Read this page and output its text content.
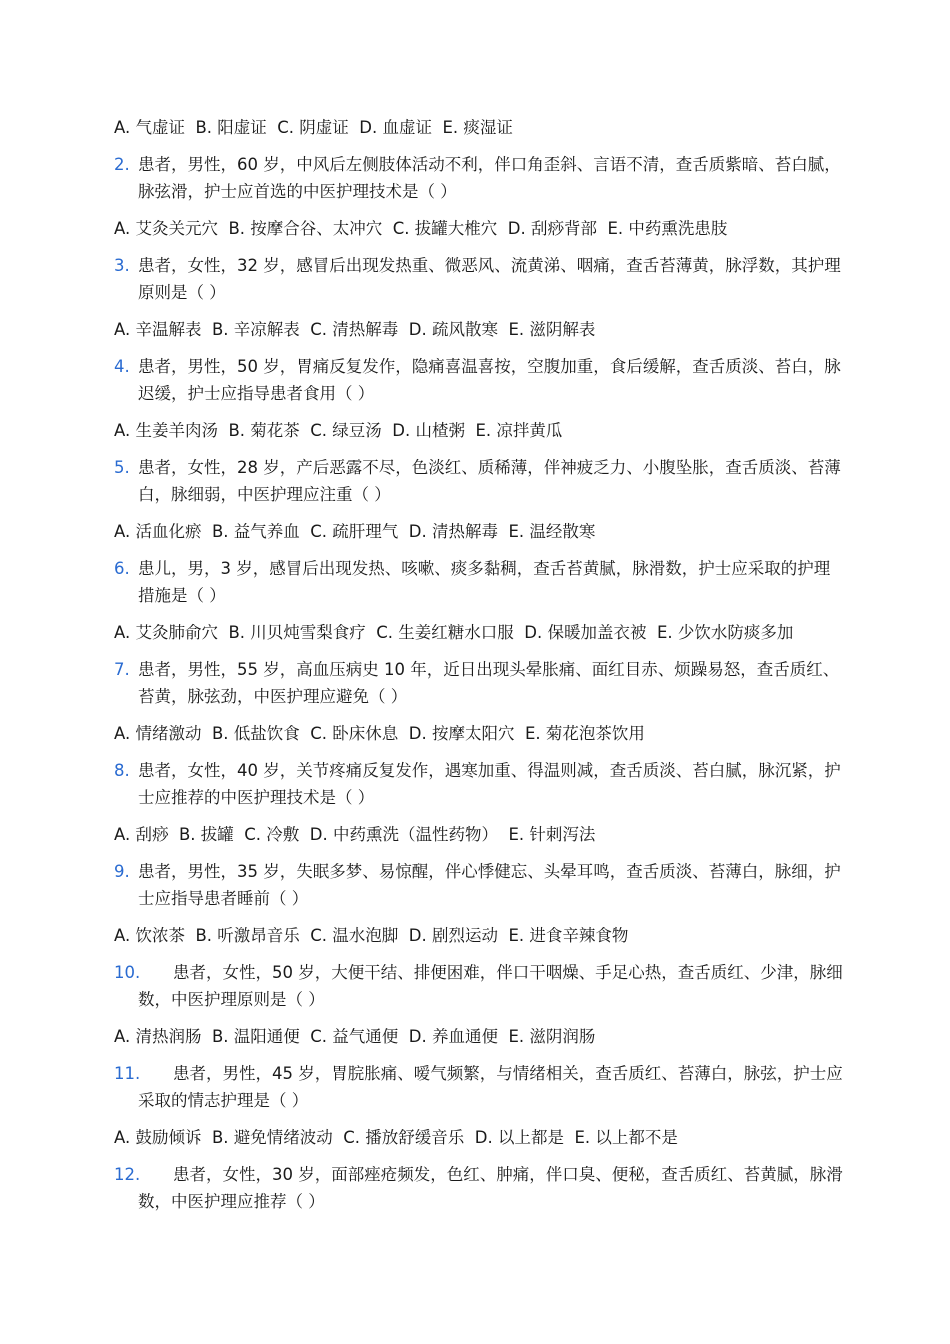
A. 气虚证  B. 阳虚证  C. 阴虚证  D. 血虚证  E. 痰湿证
2. 患者，男性，60 岁，中风后左侧肢体活动不利，伴口角歪斜、言语不清，查舌质紫暗、苔白腻，脉弦滑，护士应首选的中医护理技术是（ ）
A. 艾灸关元穴  B. 按摩合谷、太冲穴  C. 拔罐大椎穴  D. 刮痧背部  E. 中药熏洗患肢
3. 患者，女性，32 岁，感冒后出现发热重、微恶风、流黄涕、咽痛，查舌苔薄黄，脉浮数，其护理原则是（ ）
A. 辛温解表  B. 辛凉解表  C. 清热解毒  D. 疏风散寒  E. 滋阴解表
4. 患者，男性，50 岁，胃痛反复发作，隐痛喜温喜按，空腹加重，食后缓解，查舌质淡、苔白，脉迟缓，护士应指导患者食用（ ）
A. 生姜羊肉汤  B. 菊花茶  C. 绿豆汤  D. 山楂粥  E. 凉拌黄瓜
5. 患者，女性，28 岁，产后恶露不尽，色淡红、质稀薄，伴神疲乏力、小腹坠胀，查舌质淡、苔薄白，脉细弱，中医护理应注重（ ）
A. 活血化瘀  B. 益气养血  C. 疏肝理气  D. 清热解毒  E. 温经散寒
6. 患儿，男，3 岁，感冒后出现发热、咳嗽、痰多黏稠，查舌苔黄腻，脉滑数，护士应采取的护理措施是（ ）
A. 艾灸肺俞穴  B. 川贝炖雪梨食疗  C. 生姜红糖水口服  D. 保暖加盖衣被  E. 少饮水防痰多加
7. 患者，男性，55 岁，高血压病史 10 年，近日出现头晕胀痛、面红目赤、烦躁易怒，查舌质红、苔黄，脉弦劲，中医护理应避免（ ）
A. 情绪激动  B. 低盐饮食  C. 卧床休息  D. 按摩太阳穴  E. 菊花泡茶饮用
8. 患者，女性，40 岁，关节疼痛反复发作，遇寒加重、得温则减，查舌质淡、苔白腻，脉沉紧，护士应推荐的中医护理技术是（ ）
A. 刮痧  B. 拔罐  C. 冷敷  D. 中药熏洗（温性药物）  E. 针刺泻法
9. 患者，男性，35 岁，失眠多梦、易惊醒，伴心悸健忘、头晕耳鸣，查舌质淡、苔薄白，脉细，护士应指导患者睡前（ ）
A. 饮浓茶  B. 听激昂音乐  C. 温水泡脚  D. 剧烈运动  E. 进食辛辣食物
10.	患者，女性，50 岁，大便干结、排便困难，伴口干咽燥、手足心热，查舌质红、少津，脉细数，中医护理原则是（ ）
A. 清热润肠  B. 温阳通便  C. 益气通便  D. 养血通便  E. 滋阴润肠
11.	患者，男性，45 岁，胃脘胀痛、嗳气频繁，与情绪相关，查舌质红、苔薄白，脉弦，护士应采取的情志护理是（ ）
A. 鼓励倾诉  B. 避免情绪波动  C. 播放舒缓音乐  D. 以上都是  E. 以上都不是
12.	患者，女性，30 岁，面部痤疮频发，色红、肿痛，伴口臭、便秘，查舌质红、苔黄腻，脉滑数，中医护理应推荐（ ）
